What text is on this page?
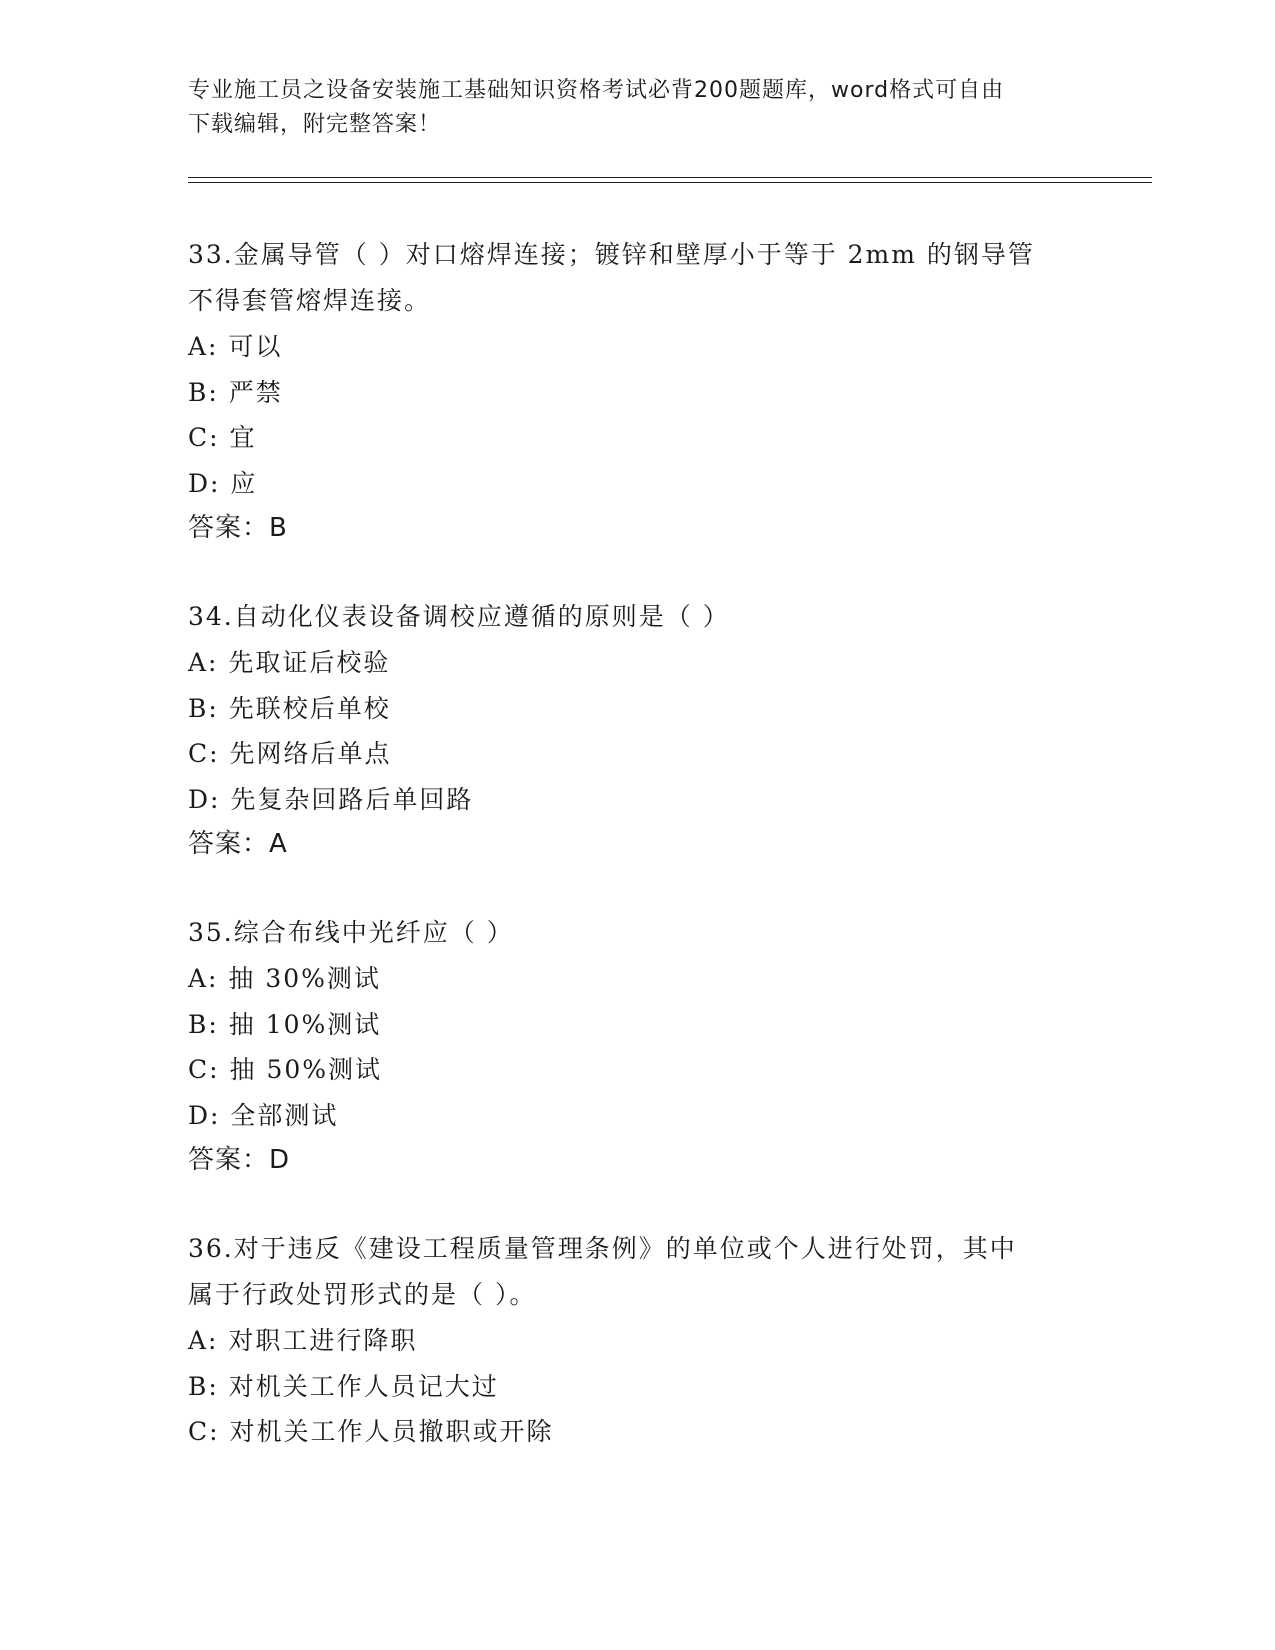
专业施工员之设备安装施工基础知识资格考试必背200题题库，word格式可自由
下载编辑，附完整答案！
33.金属导管（ ）对口熔焊连接；镀锌和壁厚小于等于 2mm 的钢导管
不得套管熔焊连接。
A: 可以
B: 严禁
C: 宜
D: 应
答案：B
34.自动化仪表设备调校应遵循的原则是（ ）
A: 先取证后校验
B: 先联校后单校
C: 先网络后单点
D: 先复杂回路后单回路
答案：A
35.综合布线中光纤应（ ）
A: 抽 30%测试
B: 抽 10%测试
C: 抽 50%测试
D: 全部测试
答案：D
36.对于违反《建设工程质量管理条例》的单位或个人进行处罚，其中
属于行政处罚形式的是（ ）。
A: 对职工进行降职
B: 对机关工作人员记大过
C: 对机关工作人员撤职或开除
